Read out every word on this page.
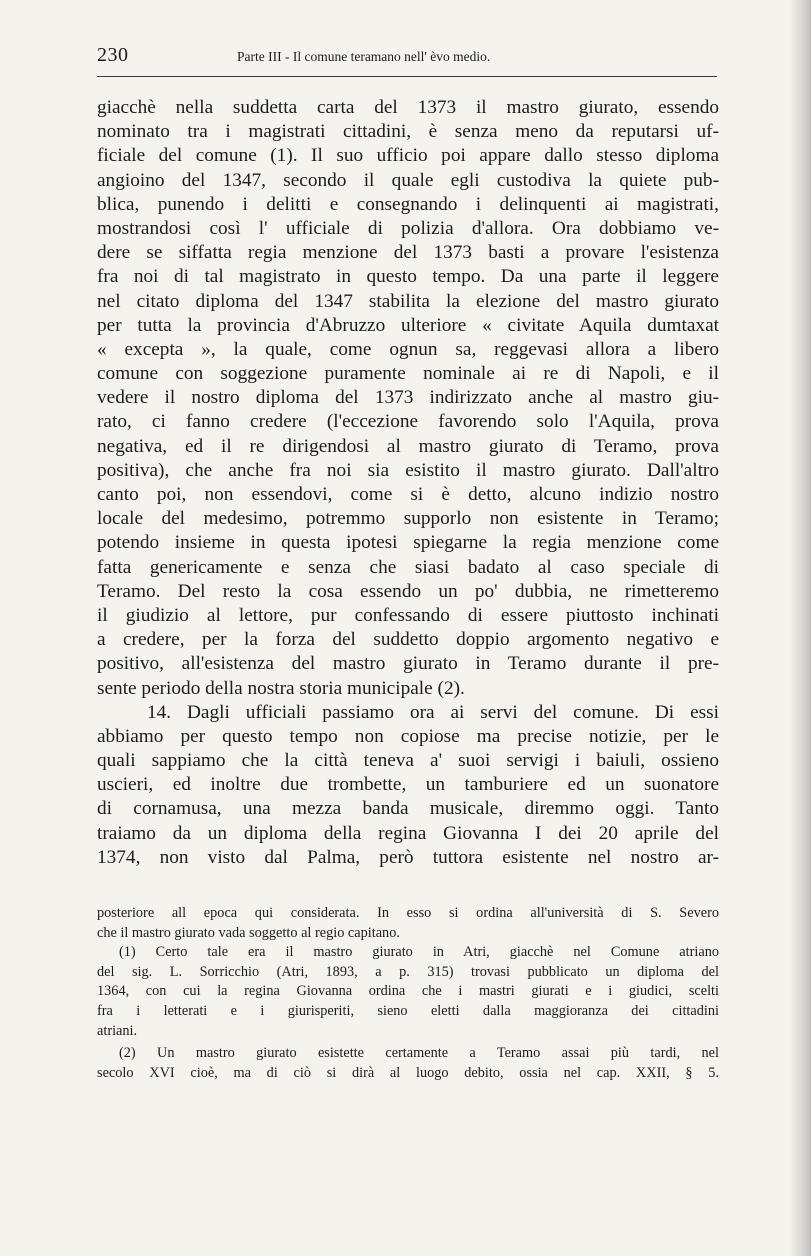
230	Parte III - Il comune teramano nell' èvo medio.
giacchè nella suddetta carta del 1373 il mastro giurato, essendo
nominato tra i magistrati cittadini, è senza meno da reputarsi uf-
ficiale del comune (1). Il suo ufficio poi appare dallo stesso diploma
angioino del 1347, secondo il quale egli custodiva la quiete pub-
blica, punendo i delitti e consegnando i delinquenti ai magistrati,
mostrandosi così l' ufficiale di polizia d'allora. Ora dobbiamo ve-
dere se siffatta regia menzione del 1373 basti a provare l'esistenza
fra noi di tal magistrato in questo tempo. Da una parte il leggere
nel citato diploma del 1347 stabilita la elezione del mastro giurato
per tutta la provincia d'Abruzzo ulteriore « civitate Aquila dumtaxat
« excepta », la quale, come ognun sa, reggevasi allora a libero
comune con soggezione puramente nominale ai re di Napoli, e il
vedere il nostro diploma del 1373 indirizzato anche al mastro giu-
rato, ci fanno credere (l'eccezione favorendo solo l'Aquila, prova
negativa, ed il re dirigendosi al mastro giurato di Teramo, prova
positiva), che anche fra noi sia esistito il mastro giurato. Dall'altro
canto poi, non essendovi, come si è detto, alcuno indizio nostro
locale del medesimo, potremmo supporlo non esistente in Teramo;
potendo insieme in questa ipotesi spiegarne la regia menzione come
fatta genericamente e senza che siasi badato al caso speciale di
Teramo. Del resto la cosa essendo un po' dubbia, ne rimetteremo
il giudizio al lettore, pur confessando di essere piuttosto inchinati
a credere, per la forza del suddetto doppio argomento negativo e
positivo, all'esistenza del mastro giurato in Teramo durante il pre-
sente periodo della nostra storia municipale (2).
14. Dagli ufficiali passiamo ora ai servi del comune. Di essi
abbiamo per questo tempo non copiose ma precise notizie, per le
quali sappiamo che la città teneva a' suoi servigi i baiuli, ossieno
uscieri, ed inoltre due trombette, un tamburiere ed un suonatore
di cornamusa, una mezza banda musicale, diremmo oggi. Tanto
traiamo da un diploma della regina Giovanna I dei 20 aprile del
1374, non visto dal Palma, però tuttora esistente nel nostro ar-
posteriore all epoca qui considerata. In esso si ordina all'università di S. Severo
che il mastro giurato vada soggetto al regio capitano.
(1) Certo tale era il mastro giurato in Atri, giacchè nel Comune atriano
del sig. L. Sorricchio (Atri, 1893, a p. 315) trovasi pubblicato un diploma del
1364, con cui la regina Giovanna ordina che i mastri giurati e i giudici, scelti
fra i letterati e i giurisperiti, sieno eletti dalla maggioranza dei cittadini
atriani.
(2) Un mastro giurato esistette certamente a Teramo assai più tardi, nel
secolo XVI cioè, ma di ciò si dirà al luogo debito, ossia nel cap. XXII, § 5.
